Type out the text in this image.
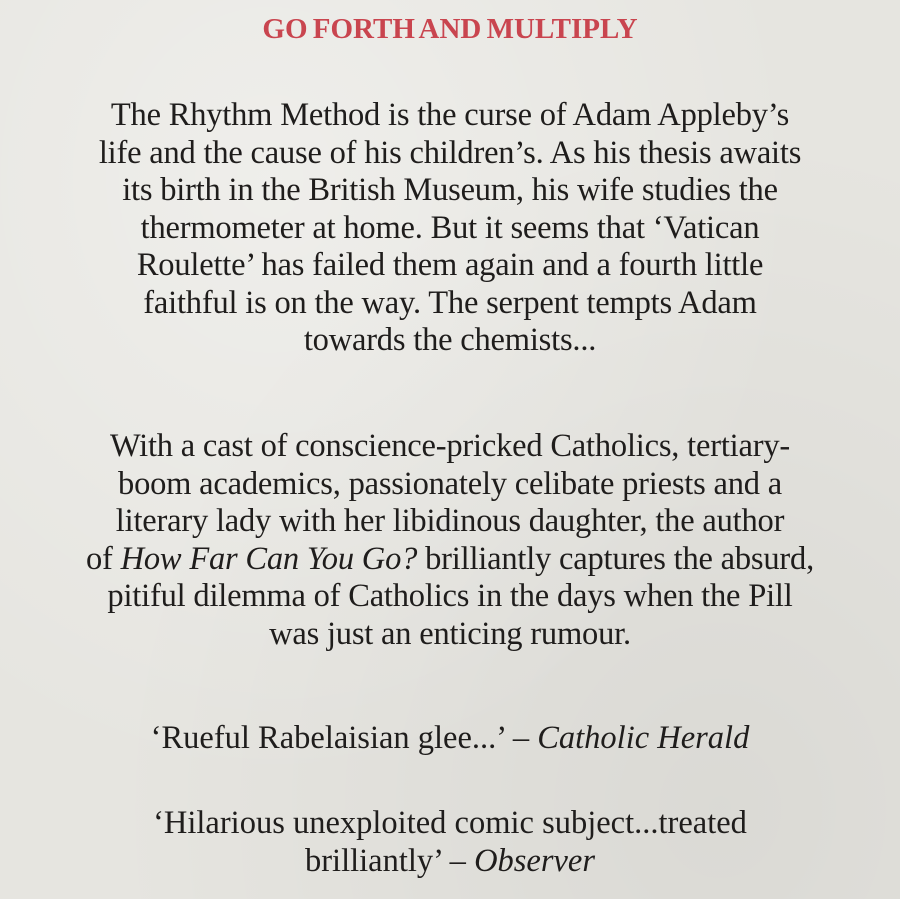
GO FORTH AND MULTIPLY
The Rhythm Method is the curse of Adam Appleby’s
life and the cause of his children’s. As his thesis awaits
its birth in the British Museum, his wife studies the
thermometer at home. But it seems that ‘Vatican
Roulette’ has failed them again and a fourth little
faithful is on the way. The serpent tempts Adam
towards the chemists...
With a cast of conscience-pricked Catholics, tertiary-
boom academics, passionately celibate priests and a
literary lady with her libidinous daughter, the author
of How Far Can You Go? brilliantly captures the absurd,
pitiful dilemma of Catholics in the days when the Pill
was just an enticing rumour.
‘Rueful Rabelaisian glee...’ – Catholic Herald
‘Hilarious unexploited comic subject...treated
brilliantly’ – Observer
